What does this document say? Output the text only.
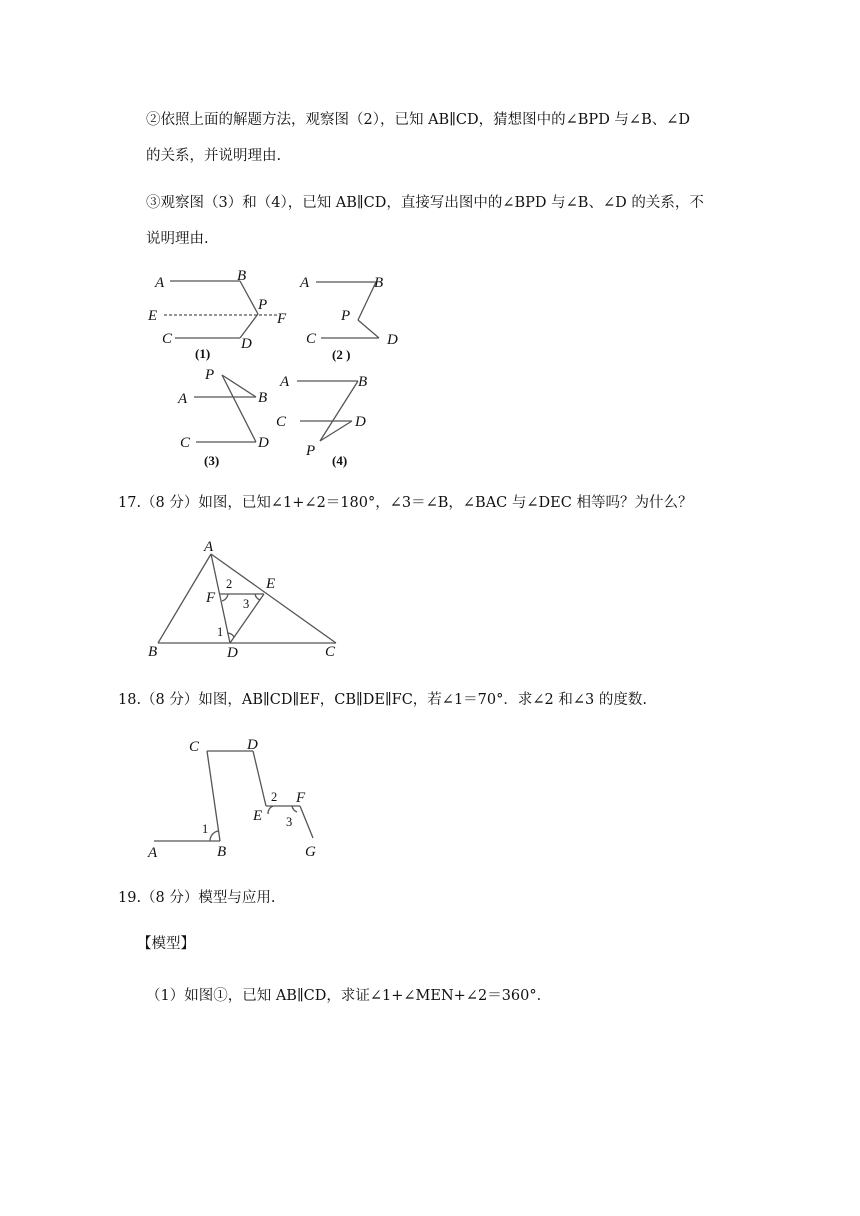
②依照上面的解题方法，观察图（2），已知 AB∥CD，猜想图中的∠BPD 与∠B、∠D
的关系，并说明理由.
③观察图（3）和（4），已知 AB∥CD，直接写出图中的∠BPD 与∠B、∠D 的关系，不
说明理由.
A	B
E
P
F
C	D
(1)
A	B
P
C	D
(2 )
P
A	B
C	D
(3)
A	B
C	D
P
(4)
17.（8 分）如图，已知∠1+∠2＝180°，∠3＝∠B，∠BAC 与∠DEC 相等吗？为什么？
A
2 E
F 3
1
B	D	C
18.（8 分）如图，AB∥CD∥EF，CB∥DE∥FC，若∠1＝70°．求∠2 和∠3 的度数.
C	D
2 F
E 3
1
A	B	G
19.（8 分）模型与应用.
【模型】
（1）如图①，已知 AB∥CD，求证∠1+∠MEN+∠2＝360°．
